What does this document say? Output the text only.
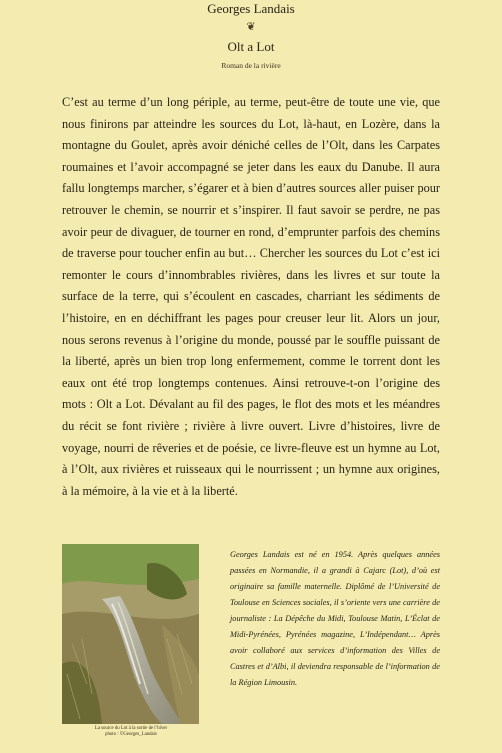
Georges Landais
❦
Olt a Lot
Roman de la rivière
C’est au terme d’un long périple, au terme, peut-être de toute une vie, que nous finirons par atteindre les sources du Lot, là-haut, en Lozère, dans la montagne du Goulet, après avoir déniché celles de l’Olt, dans les Carpates roumaines et l’avoir accompagné se jeter dans les eaux du Danube. Il aura fallu longtemps marcher, s’égarer et à bien d’autres sources aller puiser pour retrouver le chemin, se nourrir et s’inspirer. Il faut savoir se perdre, ne pas avoir peur de divaguer, de tourner en rond, d’emprunter parfois des chemins de traverse pour toucher enfin au but… Chercher les sources du Lot c’est ici remonter le cours d’innombrables rivières, dans les livres et sur toute la surface de la terre, qui s’écoulent en cascades, charriant les sédiments de l’histoire, en en déchiffrant les pages pour creuser leur lit. Alors un jour, nous serons revenus à l’origine du monde, poussé par le souffle puissant de la liberté, après un bien trop long enfermement, comme le torrent dont les eaux ont été trop longtemps contenues. Ainsi retrouve-t-on l’origine des mots : Olt a Lot. Dévalant au fil des pages, le flot des mots et les méandres du récit se font rivière ; rivière à livre ouvert. Livre d’histoires, livre de voyage, nourri de rêveries et de poésie, ce livre-fleuve est un hymne au Lot, à l’Olt, aux rivières et ruisseaux qui le nourrissent ; un hymne aux origines, à la mémoire, à la vie et à la liberté.
La source du Lot à la sortie de l’hiver
photo : ©Georges_Landais
Georges Landais est né en 1954. Après quelques années passées en Normandie, il a grandi à Cajarc (Lot), d’où est originaire sa famille maternelle. Diplômé de l’Université de Toulouse en Sciences sociales, il s’oriente vers une carrière de journaliste : La Dépêche du Midi, Toulouse Matin, L’Éclat de Midi-Pyrénées, Pyrénées magazine, L’Indépendant… Après avoir collaboré aux services d’information des Villes de Castres et d’Albi, il deviendra responsable de l’information de la Région Limousin.
